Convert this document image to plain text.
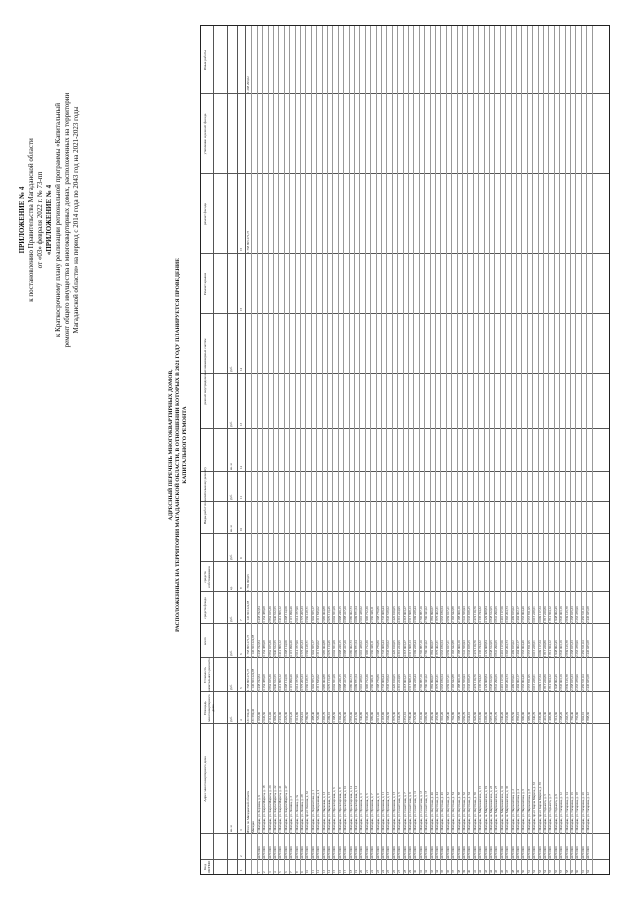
ПРИЛОЖЕНИЕ № 4 к постановлению Правительства Магаданской области от «03» февраля 2022 г. № 73-пп «ПРИЛОЖЕНИЕ № 4 к Краткосрочному плану реализации региональной программы «Капитальный ремонт общего имущества в многоквартирных домах, расположенных на территории Магаданской области» на период с 2014 года по 2043 год на 2021-2023 годы
АДРЕСНЫЙ ПЕРЕЧЕНЬ МНОГОКВАРТИРНЫХ ДОМОВ, РАСПОЛОЖЕННЫХ НА ТЕРРИТОРИИ МАГАДАНСКОЙ ОБЛАСТИ, В ОТНОШЕНИИ КОТОРЫХ В 2021 ГОДУ ПЛАНИРУЕТСЯ ПРОВЕДЕНИЕ КАПИТАЛЬНОГО РЕМОНТА
Код ОКТМО
Адрес многоквартирного дома
Площадь многоквартирного дома
Стоимость капитального ремонта
всего
средств фонда
средств собственников
Виды работ по капитальному ремонту
ремонт внутридомовых инженерных систем
Ремонт крыши
ремонт фасада
утепление и ремонт фасада
Иные работы
кв. м
руб.
руб.
руб.
руб.
ед.
руб.
кв. м
руб.
кв. м
руб.
руб.
1
2
3
4
5
6
7
8
9
10
11
12
13
14
15
16
Итого по Магаданской области
131 659,40
1 768 805 271,73
1 768 805 271,73
1 146 663 222,88
1 782 096,05
1 768 805 271,73
1 298 296,02
Магадан
131 659,40
1 146 663 222,88
1 146 663 222,88
1
44701000
г. Магадан, ул. Берзина, д. 9
1 063,90
5 438 742,84
5 438 742,84
5 438 742,84
2
44701000
г. Магадан, ул. Карла Маркса, д. 18
2 046,50
3 154 388,08
3 154 388,08
3 154 388,08
3
44701000
г. Магадан, ул. Карла Маркса, д. 20
2 112,40
2 862 015,30
2 862 015,30
2 862 015,30
4
44701000
г. Магадан, ул. Карла Маркса, д. 22
1 984,70
2 940 612,55
2 940 612,55
2 940 612,55
5
44701000
г. Магадан, ул. Карла Маркса, д. 41
2 431,00
3 412 806,12
3 412 806,12
3 412 806,12
6
44701000
г. Магадан, ул. Карла Маркса, д. 47
2 226,30
3 208 114,69
3 208 114,69
3 208 114,69
7
44701000
г. Магадан, ул. Ленина, д. 3
3 019,20
4 115 990,40
4 115 990,40
4 115 990,40
8
44701000
г. Магадан, ул. Ленина, д. 5а
1 612,80
2 014 377,90
2 014 377,90
2 014 377,90
9
44701000
г. Магадан, ул. Ленина, д. 28
2 954,10
3 775 205,33
3 775 205,33
3 775 205,33
10
44701000
г. Магадан, пр-кт Ленина, д. 32
2 780,60
3 560 128,71
3 560 128,71
3 560 128,71
11
44701000
г. Магадан, ул. Лермонтова, д. 1
1 488,40
1 902 655,17
1 902 655,17
1 902 655,17
12
44701000
г. Магадан, ул. Набережная, д. 9
1 720,00
2 311 846,02
2 311 846,02
2 311 846,02
13
44701000
г. Магадан, ул. Парковая, д. 13
2 305,70
2 986 004,88
2 986 004,88
2 986 004,88
14
44701000
г. Магадан, ул. Парковая, д. 15
2 299,10
2 970 113,46
2 970 113,46
2 970 113,46
15
44701000
г. Магадан, ул. Пролетарская, д. 6
3 108,50
4 002 651,09
4 002 651,09
4 002 651,09
16
44701000
г. Магадан, ул. Пролетарская, д. 8
3 102,20
3 998 240,15
3 998 240,15
3 998 240,15
17
44701000
г. Магадан, ул. Пролетарская, д. 10
2 870,30
3 688 417,20
3 688 417,20
3 688 417,20
18
44701000
г. Магадан, ул. Пролетарская, д. 12
2 865,00
3 680 002,73
3 680 002,73
3 680 002,73
19
44701000
г. Магадан, ул. Пролетарская, д. 14
2 411,60
3 099 871,54
3 099 871,54
3 099 871,54
20
44701000
г. Магадан, ул. Пушкина, д. 3
1 540,80
2 001 438,62
2 001 438,62
2 001 438,62
21
44701000
г. Магадан, ул. Пушкина, д. 5
1 536,20
1 996 712,30
1 996 712,30
1 996 712,30
22
44701000
г. Магадан, ул. Пушкина, д. 7
1 980,00
2 560 349,11
2 560 349,11
2 560 349,11
23
44701000
г. Магадан, ул. Пушкина, д. 9
2 011,40
2 598 770,80
2 598 770,80
2 598 770,80
24
44701000
г. Магадан, ул. Пушкина, д. 11
2 118,90
2 733 009,44
2 733 009,44
2 733 009,44
25
44701000
г. Магадан, ул. Пушкина, д. 13
2 204,50
2 845 518,62
2 845 518,62
2 845 518,62
26
44701000
г. Магадан, ул. Пушкина, д. 15
1 876,30
2 420 100,05
2 420 100,05
2 420 100,05
27
44701000
г. Магадан, ул. Советская, д. 5
3 344,70
4 310 224,96
4 310 224,96
4 310 224,96
28
44701000
г. Магадан, ул. Советская, д. 7
3 351,10
4 318 003,27
4 318 003,27
4 318 003,27
29
44701000
г. Магадан, ул. Советская, д. 9
2 730,40
3 517 608,13
3 517 608,13
3 517 608,13
30
44701000
г. Магадан, ул. Советская, д. 11
2 725,90
3 509 228,44
3 509 228,44
3 509 228,44
31
44701000
г. Магадан, ул. Советская, д. 13
2 101,00
2 706 887,10
2 706 887,10
2 706 887,10
32
44701000
г. Магадан, ул. Советская, д. 15
2 096,60
2 700 341,02
2 700 341,02
2 700 341,02
33
44701000
г. Магадан, ул. Якутская, д. 40
1 460,30
1 882 990,67
1 882 990,67
1 882 990,67
34
44701000
г. Магадан, ул. Якутская, д. 44
1 455,80
1 876 402,31
1 876 402,31
1 876 402,31
35
44701000
г. Магадан, ул. Якутская, д. 46
1 601,20
2 063 180,54
2 063 180,54
2 063 180,54
36
44701000
г. Магадан, ул. Якутская, д. 52
1 598,40
2 059 017,21
2 059 017,21
2 059 017,21
37
44701000
г. Магадан, ул. Якутская, д. 54
1 702,80
2 193 642,88
2 193 642,88
2 193 642,88
38
44701000
г. Магадан, ул. Якутская, д. 58
1 698,30
2 188 000,10
2 188 000,10
2 188 000,10
39
44701000
г. Магадан, ул. Якутская, д. 62
2 050,70
2 641 556,93
2 641 556,93
2 641 556,93
40
44701000
г. Магадан, ул. Якутская, д. 64
2 044,10
2 633 918,25
2 633 918,25
2 633 918,25
41
44701000
г. Магадан, ул. Якутская, д. 66
1 920,60
2 474 110,70
2 474 110,70
2 474 110,70
42
44701000
г. Магадан, ш. Марчеканское, д. 15
3 210,90
4 136 744,32
4 136 744,32
4 136 744,32
43
44701000
г. Магадан, ш. Марчеканское, д. 19
3 205,30
4 129 008,84
4 129 008,84
4 129 008,84
44
44701000
г. Магадан, ш. Марчеканское, д. 23
2 987,40
3 848 612,05
3 848 612,05
3 848 612,05
45
44701000
г. Магадан, ш. Марчеканское, д. 27
2 981,70
3 841 290,66
3 841 290,66
3 841 290,66
46
44701000
г. Магадан, ш. Марчеканское, д. 31
2 640,20
3 401 117,50
3 401 117,50
3 401 117,50
47
44701000
г. Магадан, ш. Марчеканское, д. 35
2 633,90
3 393 204,73
3 393 204,73
3 393 204,73
48
44701000
г. Магадан, ул. Наровчатова, д. 2
1 870,50
2 409 916,02
2 409 916,02
2 409 916,02
49
44701000
г. Магадан, ул. Наровчатова, д. 4
1 866,10
2 404 002,17
2 404 002,17
2 404 002,17
50
44701000
г. Магадан, ул. Наровчатова, д. 6
1 990,00
2 563 904,40
2 563 904,40
2 563 904,40
51
44701000
г. Магадан, ул. Наровчатова, д. 8
1 985,30
2 557 811,95
2 557 811,95
2 557 811,95
52
44701000
г. Магадан, пр-кт Карла Маркса, д. 33
2 340,70
3 015 228,61
3 015 228,61
3 015 228,61
53
44701000
г. Магадан, пр-кт Карла Маркса, д. 35
2 336,00
3 009 117,34
3 009 117,34
3 009 117,34
54
44701000
г. Магадан, ул. Горького, д. 5
1 410,30
1 817 220,80
1 817 220,80
1 817 220,80
55
44701000
г. Магадан, ул. Горького, д. 7
1 406,80
1 812 664,12
1 812 664,12
1 812 664,12
56
44701000
г. Магадан, ул. Горького, д. 9
1 512,60
1 948 902,46
1 948 902,46
1 948 902,46
57
44701000
г. Магадан, ул. Гагарина, д. 12
2 208,20
2 845 003,19
2 845 003,19
2 845 003,19
58
44701000
г. Магадан, ул. Гагарина, д. 14
2 203,70
2 839 126,78
2 839 126,78
2 839 126,78
59
44701000
г. Магадан, ул. Гагарина, д. 16
1 760,40
2 268 015,33
2 268 015,33
2 268 015,33
60
44701000
г. Магадан, ул. Гагарина, д. 18
1 756,90
2 263 478,90
2 263 478,90
2 263 478,90
61
44701000
г. Магадан, ул. Гагарина, д. 20
1 902,10
2 450 611,04
2 450 611,04
2 450 611,04
62
44701000
г. Магадан, ул. Гагарина, д. 22
1 898,60
2 446 035,68
2 446 035,68
2 446 035,68
